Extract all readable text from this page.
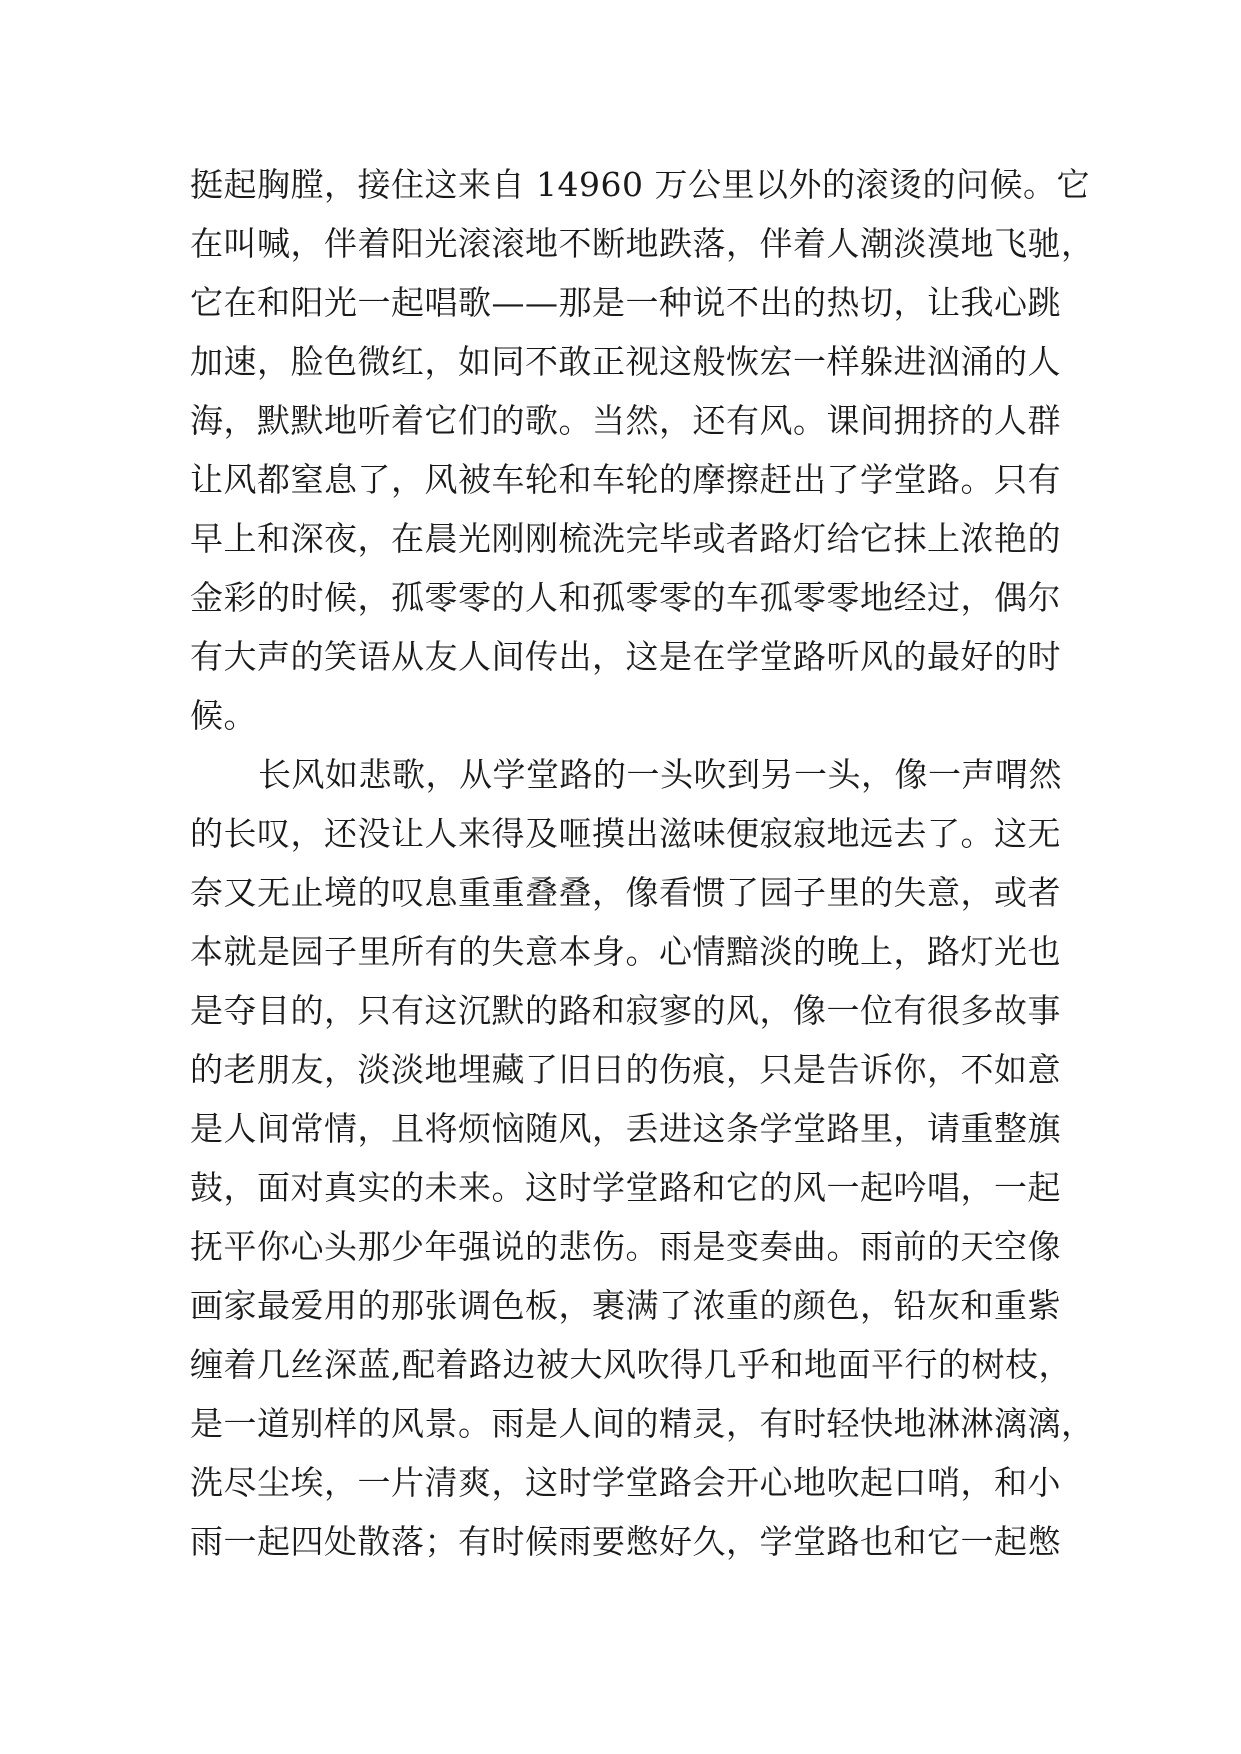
挺起胸膛，接住这来自 14960 万公里以外的滚烫的问候。它
在叫喊，伴着阳光滚滚地不断地跌落，伴着人潮淡漠地飞驰，
它在和阳光一起唱歌——那是一种说不出的热切，让我心跳
加速，脸色微红，如同不敢正视这般恢宏一样躲进汹涌的人
海，默默地听着它们的歌。当然，还有风。课间拥挤的人群
让风都窒息了，风被车轮和车轮的摩擦赶出了学堂路。只有
早上和深夜，在晨光刚刚梳洗完毕或者路灯给它抹上浓艳的
金彩的时候，孤零零的人和孤零零的车孤零零地经过，偶尔
有大声的笑语从友人间传出，这是在学堂路听风的最好的时
候。
长风如悲歌，从学堂路的一头吹到另一头，像一声喟然
的长叹，还没让人来得及咂摸出滋味便寂寂地远去了。这无
奈又无止境的叹息重重叠叠，像看惯了园子里的失意，或者
本就是园子里所有的失意本身。心情黯淡的晚上，路灯光也
是夺目的，只有这沉默的路和寂寥的风，像一位有很多故事
的老朋友，淡淡地埋藏了旧日的伤痕，只是告诉你，不如意
是人间常情，且将烦恼随风，丢进这条学堂路里，请重整旗
鼓，面对真实的未来。这时学堂路和它的风一起吟唱，一起
抚平你心头那少年强说的悲伤。雨是变奏曲。雨前的天空像
画家最爱用的那张调色板，裹满了浓重的颜色，铅灰和重紫
缠着几丝深蓝,配着路边被大风吹得几乎和地面平行的树枝，
是一道别样的风景。雨是人间的精灵，有时轻快地淋淋漓漓，
洗尽尘埃，一片清爽，这时学堂路会开心地吹起口哨，和小
雨一起四处散落；有时候雨要憋好久，学堂路也和它一起憋
